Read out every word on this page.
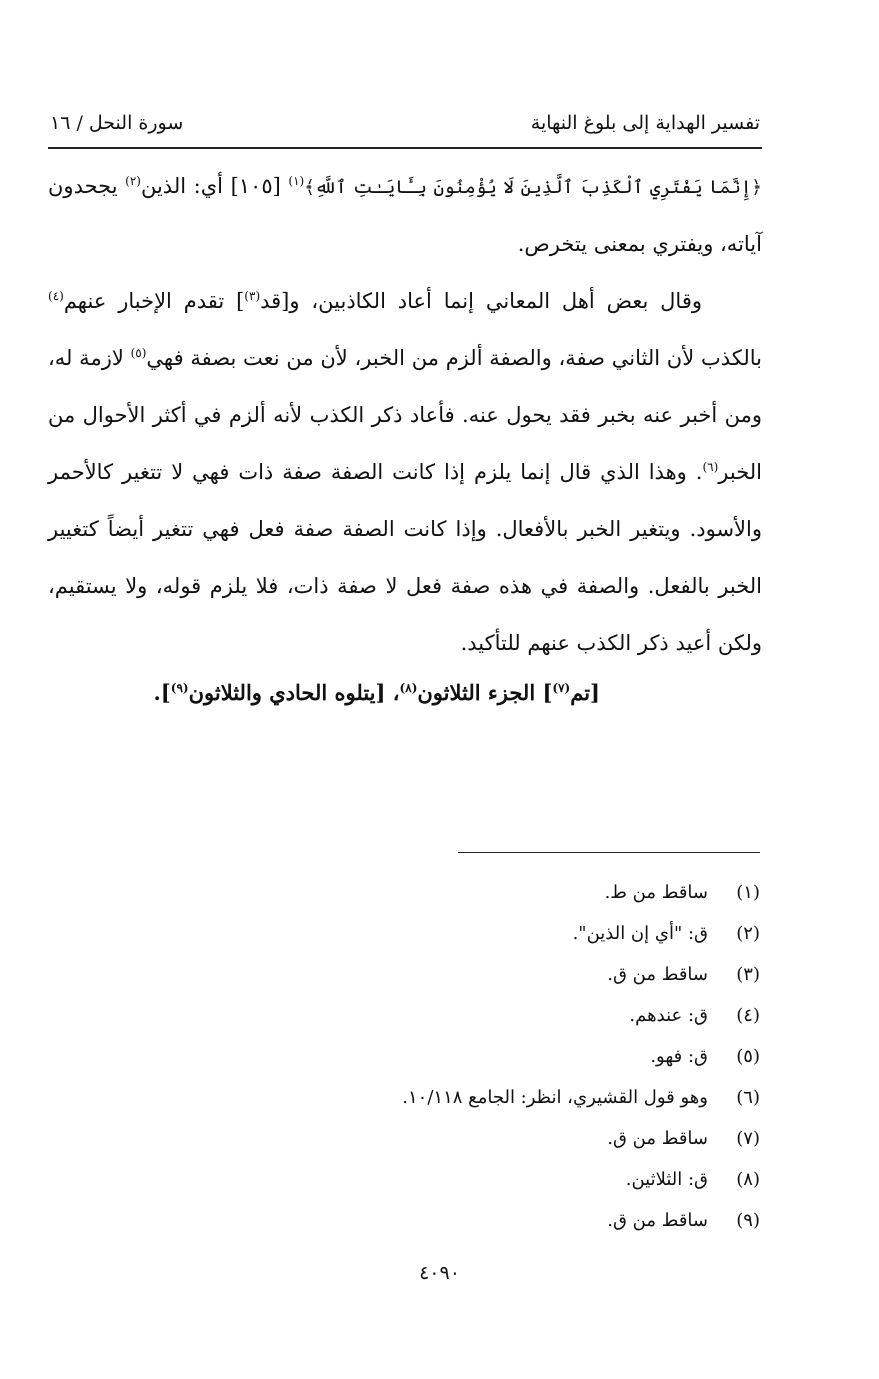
تفسير الهداية إلى بلوغ النهاية
سورة النحل / ١٦

﴿إِنَّمَا يَفْتَرِي ٱلْكَذِبَ ٱلَّذِينَ لَا يُؤْمِنُونَ بِـَٔايَـٰتِ ٱللَّهِ﴾$^{(١)}$ [١٠٥] أي: الذين$^{(٢)}$ يجحدون آياته، ويفتري بمعنى يتخرص.

وقال بعض أهل المعاني إنما أعاد الكاذبين، و[قد$^{(٣)}$] تقدم الإخبار عنهم$^{(٤)}$ بالكذب لأن الثاني صفة، والصفة ألزم من الخبر، لأن من نعت بصفة فهي$^{(٥)}$ لازمة له، ومن أخبر عنه بخبر فقد يحول عنه. فأعاد ذكر الكذب لأنه ألزم في أكثر الأحوال من الخبر$^{(٦)}$. وهذا الذي قال إنما يلزم إذا كانت الصفة صفة ذات فهي لا تتغير كالأحمر والأسود. ويتغير الخبر بالأفعال. وإذا كانت الصفة صفة فعل فهي تتغير أيضاً كتغيير الخبر بالفعل. والصفة في هذه صفة فعل لا صفة ذات، فلا يلزم قوله، ولا يستقيم، ولكن أعيد ذكر الكذب عنهم للتأكيد.

[تم$^{(٧)}$] الجزء الثلاثون$^{(٨)}$، [يتلوه الحادي والثلاثون$^{(٩)}$].
(١)ساقط من ط.
(٢)ق: "أي إن الذين".
(٣)ساقط من ق.
(٤)ق: عندهم.
(٥)ق: فهو.
(٦)وهو قول القشيري، انظر: الجامع ١٠/١١٨.
(٧)ساقط من ق.
(٨)ق: الثلاثين.
(٩)ساقط من ق.
٤٠٩٠
